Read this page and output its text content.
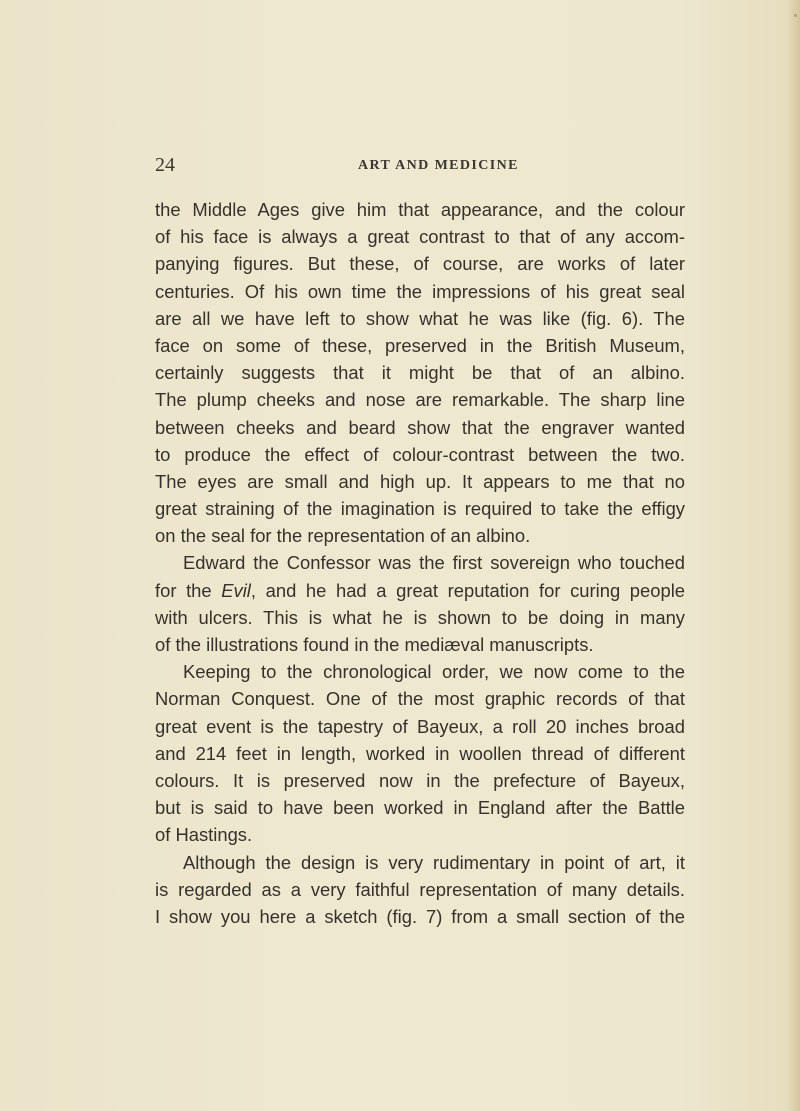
24	ART AND MEDICINE
the Middle Ages give him that appearance, and the colour
of his face is always a great contrast to that of any accom-
panying figures. But these, of course, are works of later
centuries. Of his own time the impressions of his great seal
are all we have left to show what he was like (fig. 6). The
face on some of these, preserved in the British Museum,
certainly suggests that it might be that of an albino.
The plump cheeks and nose are remarkable. The sharp line
between cheeks and beard show that the engraver wanted
to produce the effect of colour-contrast between the two.
The eyes are small and high up. It appears to me that no
great straining of the imagination is required to take the effigy
on the seal for the representation of an albino.
Edward the Confessor was the first sovereign who touched
for the Evil, and he had a great reputation for curing people
with ulcers. This is what he is shown to be doing in many
of the illustrations found in the mediæval manuscripts.
Keeping to the chronological order, we now come to the
Norman Conquest. One of the most graphic records of that
great event is the tapestry of Bayeux, a roll 20 inches broad
and 214 feet in length, worked in woollen thread of different
colours. It is preserved now in the prefecture of Bayeux,
but is said to have been worked in England after the Battle
of Hastings.
Although the design is very rudimentary in point of art, it
is regarded as a very faithful representation of many details.
I show you here a sketch (fig. 7) from a small section of the
